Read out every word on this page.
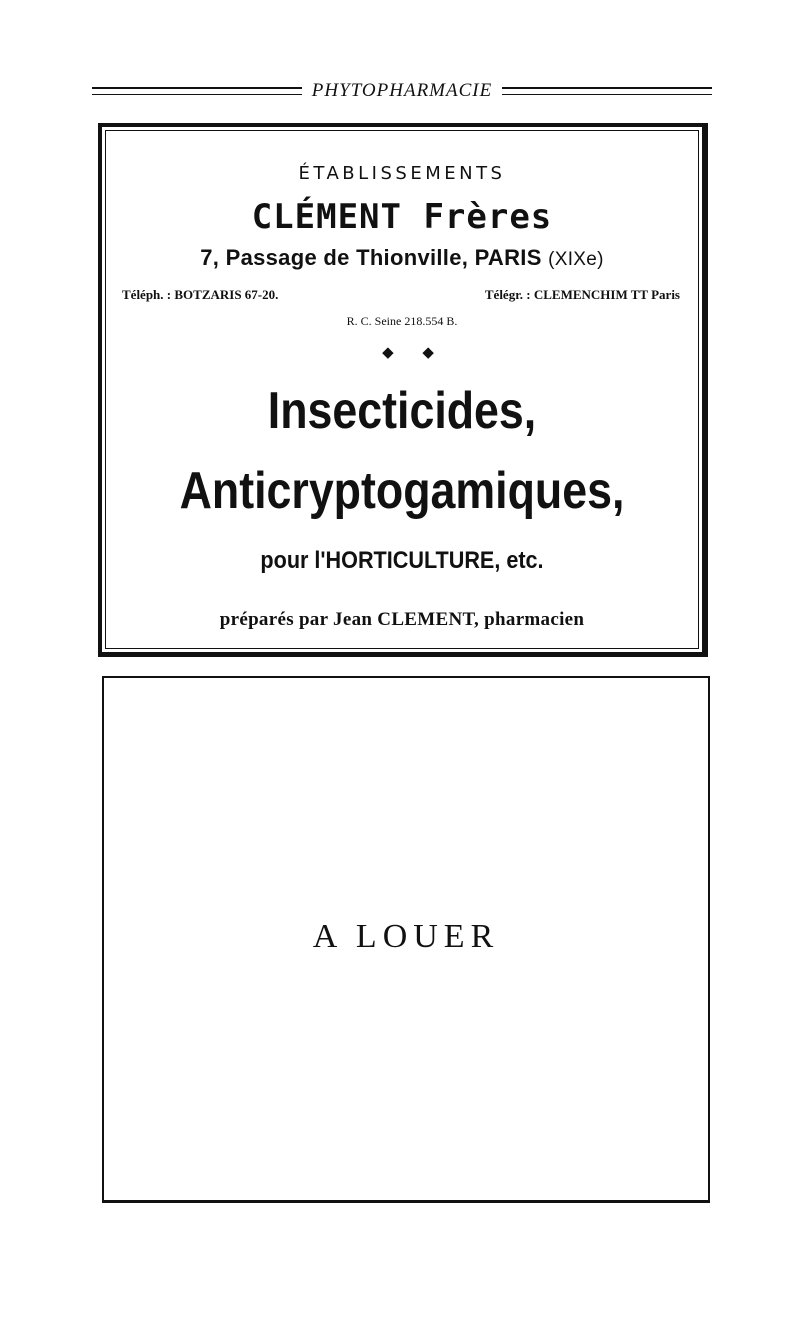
PHYTOPHARMACIE
ÉTABLISSEMENTS
CLÉMENT Frères
7, Passage de Thionville, PARIS (XIXe)
Téléph. : BOTZARIS 67-20.	Télégr. : CLEMENCHIM TT Paris
R. C. Seine 218.554 B.
◆ ◆
Insecticides,
Anticryptogamiques,
pour l'HORTICULTURE, etc.
préparés par Jean CLEMENT, pharmacien
A LOUER
